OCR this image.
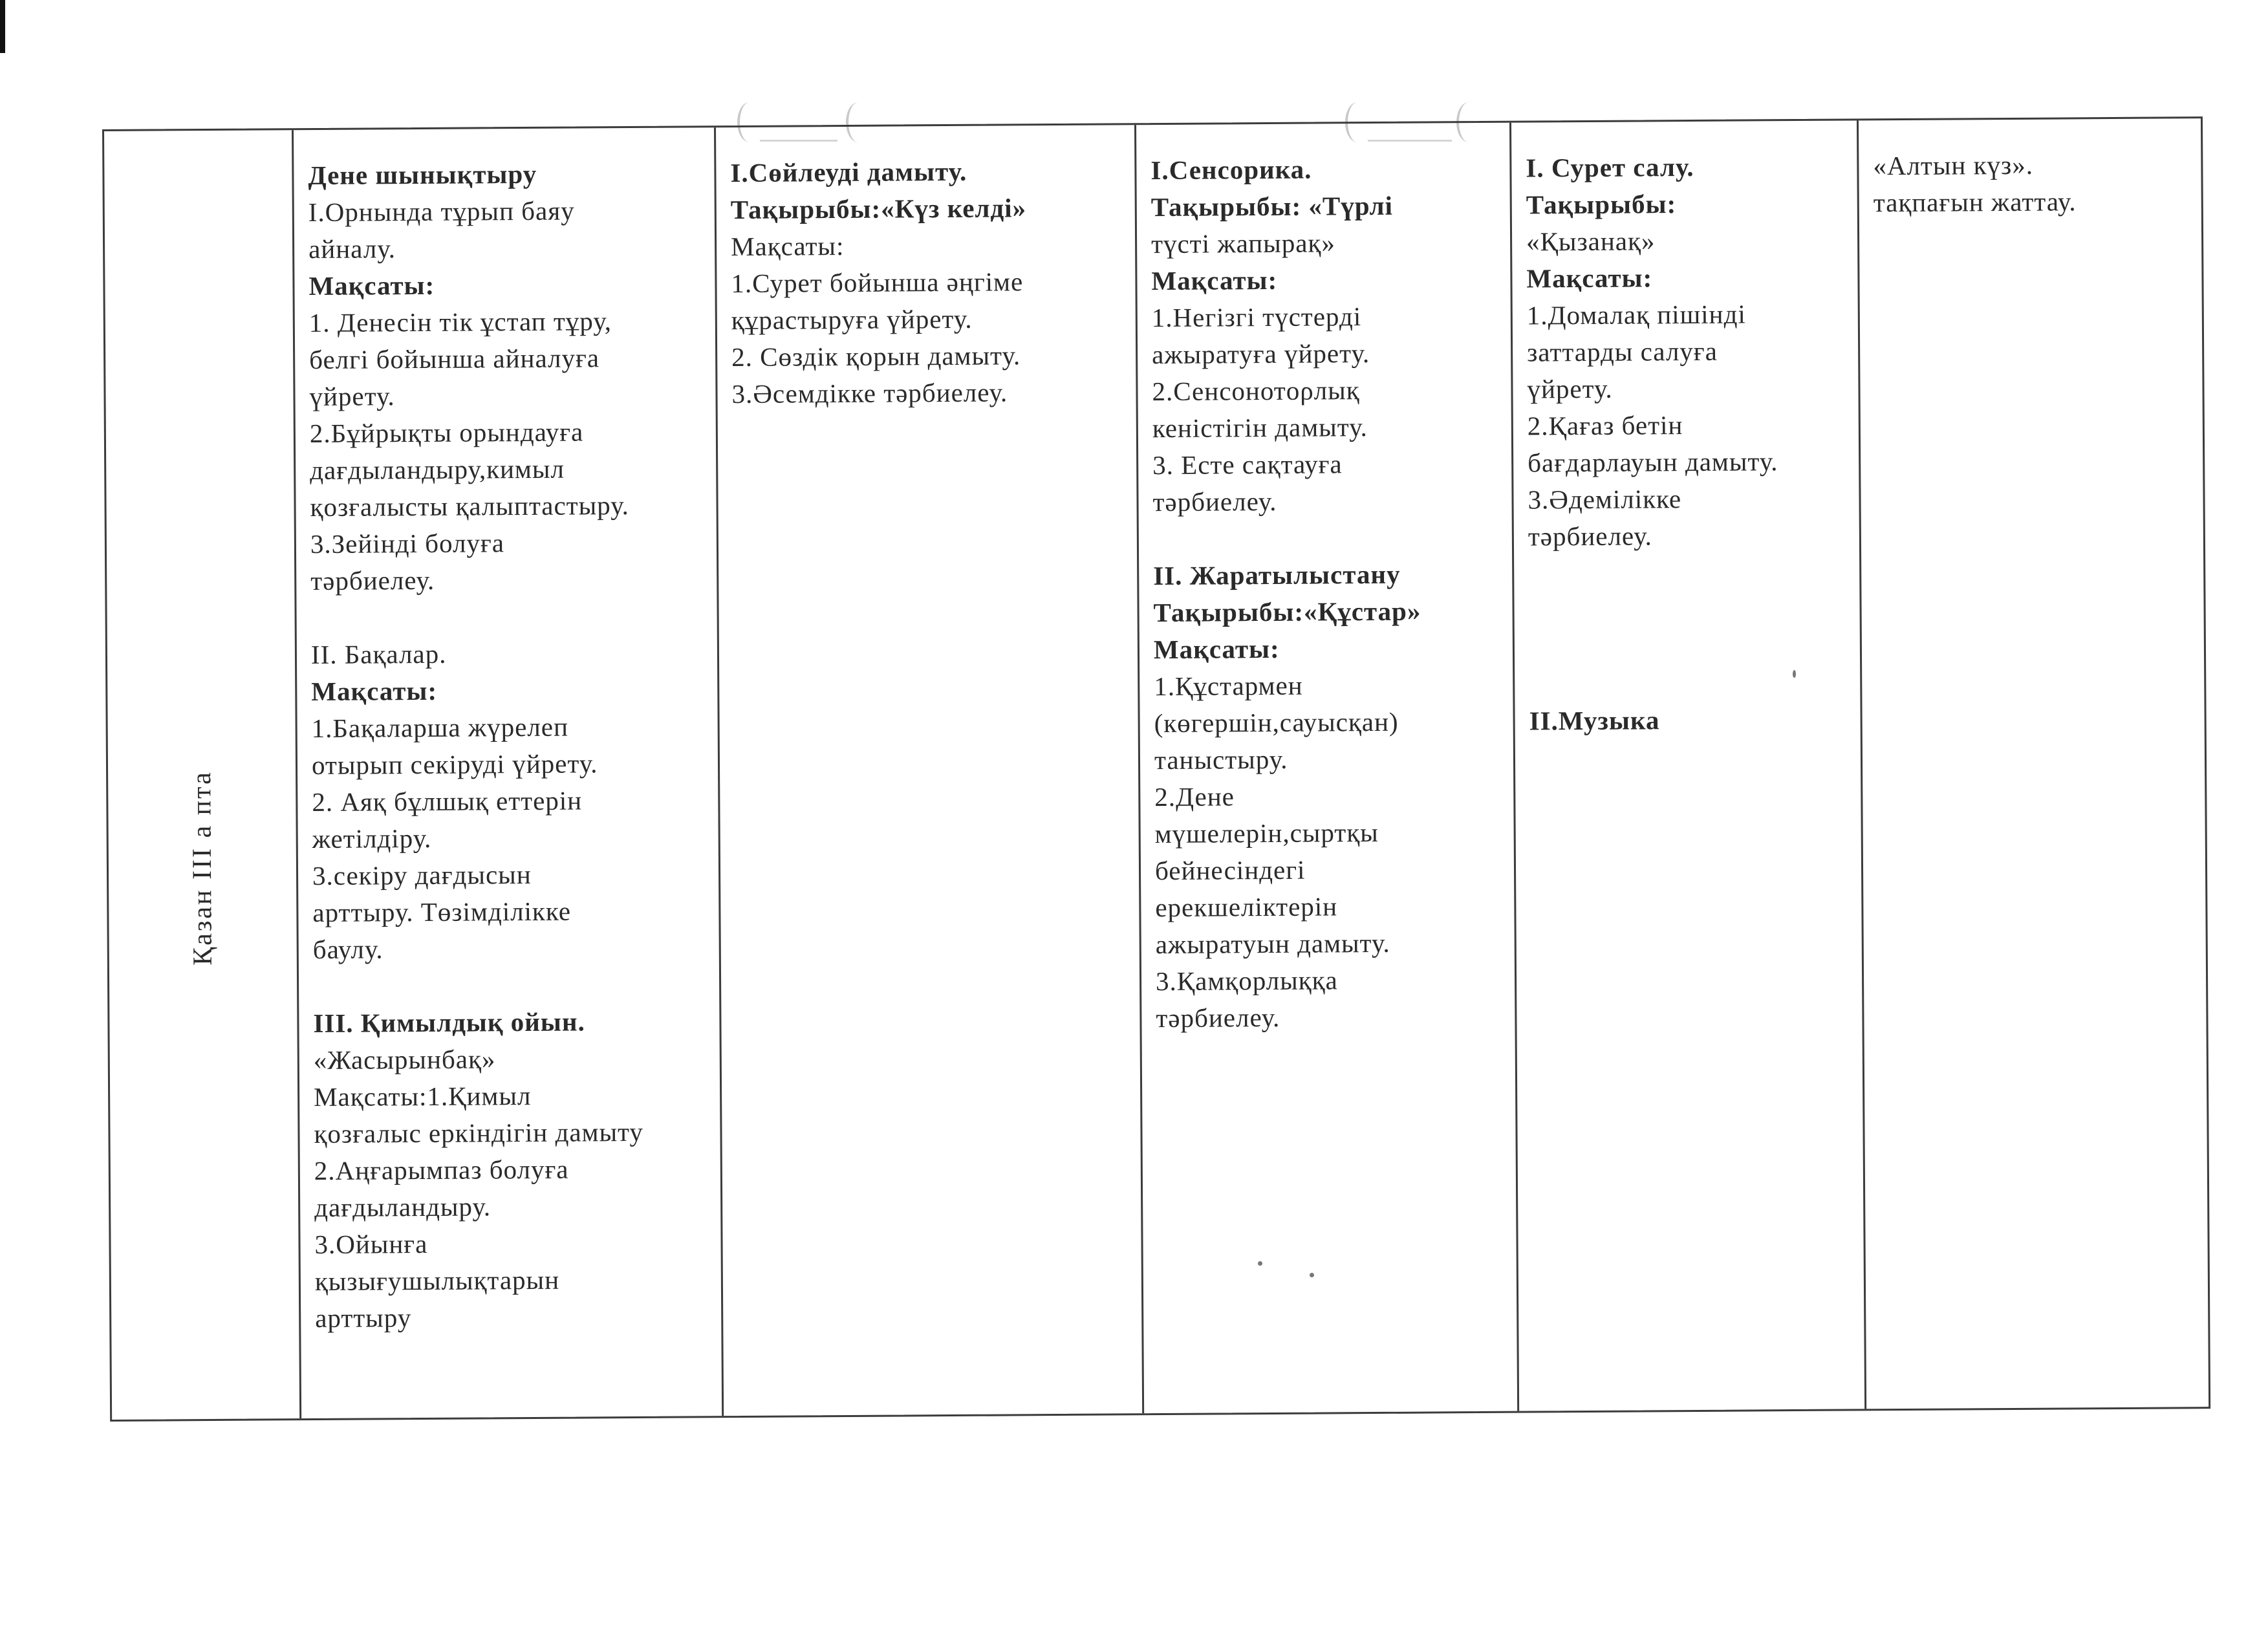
Дене шынықтыру
І.Орнында тұрып баяу
айналу.
Мақсаты:
1. Денесін тік ұстап тұру,
белгі бойынша айналуға
үйрету.
2.Бұйрықты орындауға
дағдыландыру,кимыл
қозғалысты қалыптастыру.
3.Зейінді болуға
тәрбиелеу.
ІІ. Бақалар.
Мақсаты:
1.Бақаларша жүрелеп
отырып секіруді үйрету.
2. Аяқ бұлшық еттерін
жетілдіру.
3.секіру дағдысын
арттыру. Төзімділікке
баулу.
ІІІ. Қимылдық ойын.
«Жасырынбақ»
Мақсаты:1.Қимыл
қозғалыс еркіндігін дамыту
2.Аңғарымпаз болуға
дағдыландыру.
3.Ойынға
қызығушылықтарын
арттыру
І.Сөйлеуді дамыту.
Тақырыбы:«Күз келді»
Мақсаты:
1.Сурет бойынша әңгіме
құрастыруға үйрету.
2. Сөздік қорын дамыту.
3.Әсемдікке тәрбиелеу.
І.Сенсорика.
Тақырыбы: «Түрлі
түсті жапырақ»
Мақсаты:
1.Негізгі түстерді
ажыратуға үйрету.
2.Сенсонотορлық
кеністігін дамыту.
3. Есте сақтауға
тәрбиелеу.
ІІ. Жаратылыстану
Тақырыбы:«Құстар»
Мақсаты:
1.Құстармен
(көгершін,сауысқан)
таныстыру.
2.Дене
мүшелерін,сыртқы
бейнесіндегі
ерекшеліктерін
ажыратуын дамыту.
3.Қамқорлыққа
тәрбиелеу.
І. Сурет салу.
Тақырыбы:
«Қызанақ»
Мақсаты:
1.Домалақ пішінді
заттарды салуға
үйрету.
2.Қағаз бетін
бағдарлауын дамыту.
3.Әдемілікке
тәрбиелеу.
ІІ.Музыка
«Алтын күз».
тақпағын жаттау.
Қазан ІІІ а пта
